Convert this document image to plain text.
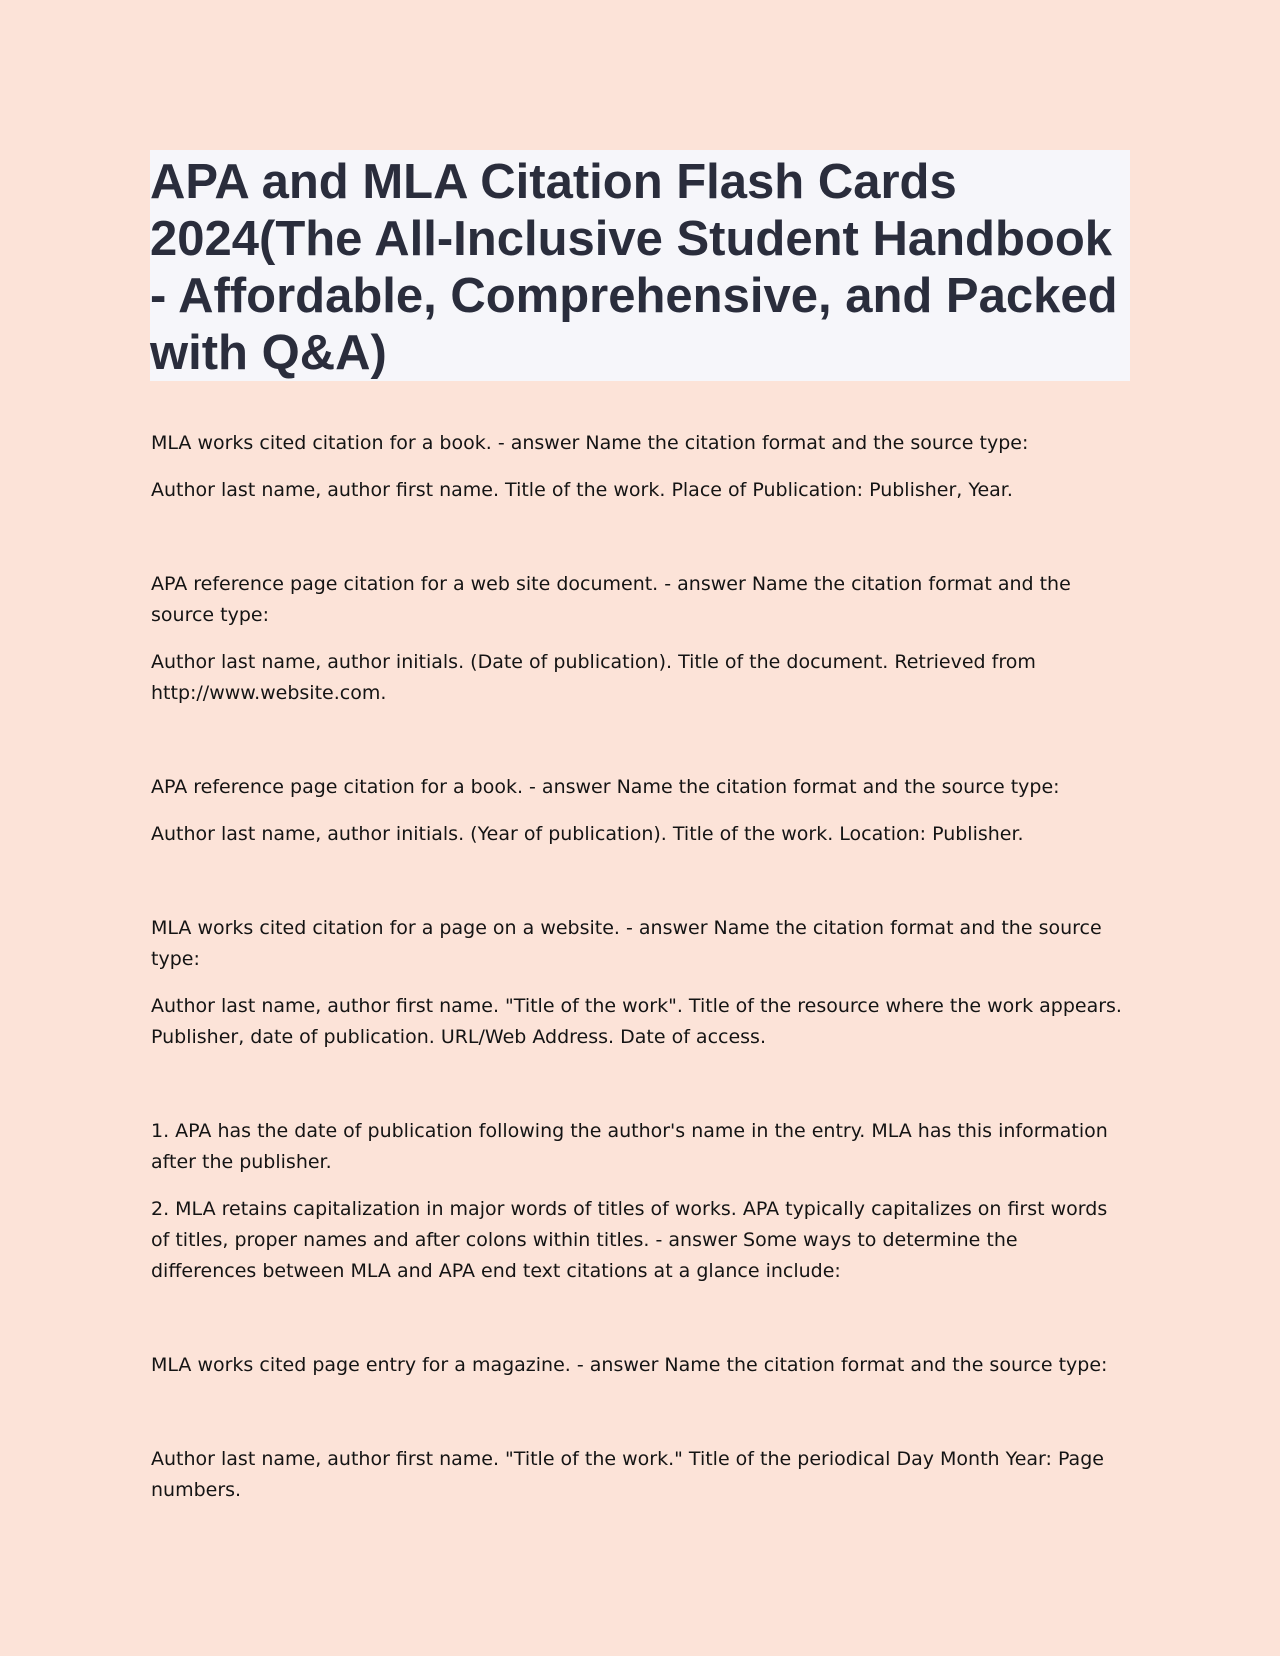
APA and MLA Citation Flash Cards 2024(The All-Inclusive Student Handbook - Affordable, Comprehensive, and Packed with Q&A)

MLA works cited citation for a book. - answer Name the citation format and the source type:

Author last name, author first name. Title of the work. Place of Publication: Publisher, Year.

APA reference page citation for a web site document. - answer Name the citation format and the source type:

Author last name, author initials. (Date of publication). Title of the document. Retrieved from http://www.website.com.

APA reference page citation for a book. - answer Name the citation format and the source type:

Author last name, author initials. (Year of publication). Title of the work. Location: Publisher.

MLA works cited citation for a page on a website. - answer Name the citation format and the source type:

Author last name, author first name. "Title of the work". Title of the resource where the work appears. Publisher, date of publication. URL/Web Address. Date of access.

1. APA has the date of publication following the author's name in the entry. MLA has this information after the publisher.

2. MLA retains capitalization in major words of titles of works. APA typically capitalizes on first words of titles, proper names and after colons within titles. - answer Some ways to determine the differences between MLA and APA end text citations at a glance include:

MLA works cited page entry for a magazine. - answer Name the citation format and the source type:

Author last name, author first name. "Title of the work." Title of the periodical Day Month Year: Page numbers.
